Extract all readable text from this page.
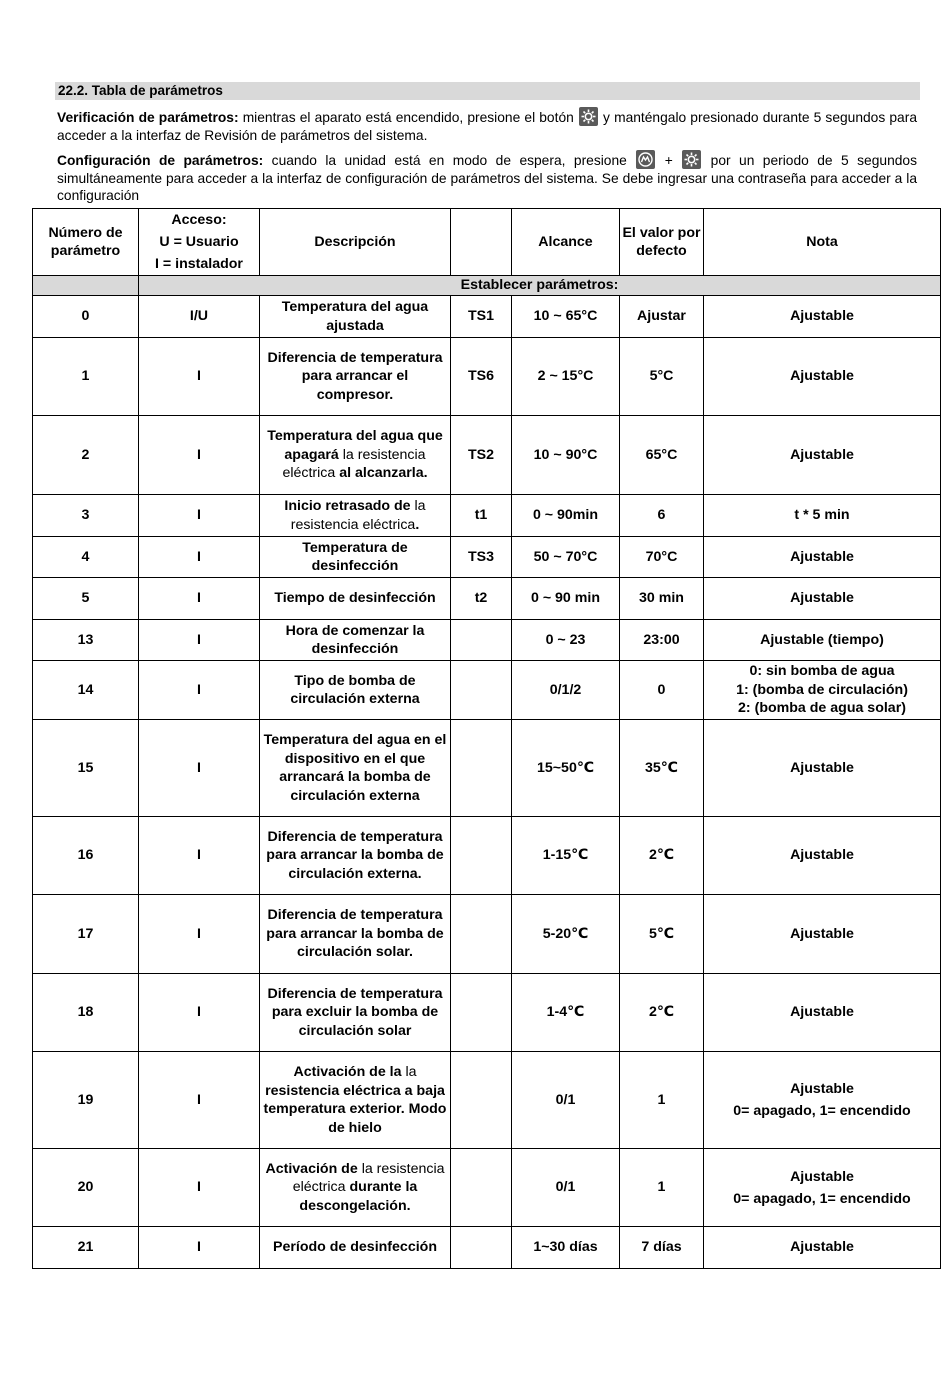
22.2. Tabla de parámetros
Verificación de parámetros: mientras el aparato está encendido, presione el botón
y manténgalo presionado durante 5 segundos para acceder a la interfaz de Revisión de parámetros del sistema.
Configuración de parámetros: cuando la unidad está en modo de espera, presione
+
por un periodo de 5 segundos simultáneamente para acceder a la interfaz de configuración de parámetros del sistema. Se debe ingresar una contraseña para acceder a la configuración
Número de parámetro	Acceso:
U = Usuario
I = instalador	Descripción		Alcance	El valor por defecto	Nota
	Establecer parámetros:					
0	I/U	Temperatura del agua ajustada	TS1	10 ~ 65°C	Ajustar	Ajustable

1	I	Diferencia de temperatura para arrancar el compresor.	TS6	2 ~ 15°C	5°C	Ajustable

2	I	Temperatura del agua que apagará la resistencia eléctrica al alcanzarla.	TS2	10 ~ 90°C	65°C	Ajustable

3	I	Inicio retrasado de la resistencia eléctrica.	t1	0 ~ 90min	6	t * 5 min

4	I	Temperatura de desinfección	TS3	50 ~ 70°C	70°C	Ajustable

5	I	Tiempo de desinfección	t2	0 ~ 90 min	30 min	Ajustable

13	I	Hora de comenzar la desinfección		0 ~ 23	23:00	Ajustable (tiempo)

14	I	Tipo de bomba de circulación externa		0/1/2	0	0: sin bomba de agua
1: (bomba de circulación)
2: (bomba de agua solar)

15	I	Temperatura del agua en el dispositivo en el que arrancará la bomba de circulación externa		15~50℃	35℃	Ajustable

16	I	Diferencia de temperatura para arrancar la bomba de circulación externa.		1-15℃	2℃	Ajustable

17	I	Diferencia de temperatura para arrancar la bomba de circulación solar.		5-20℃	5℃	Ajustable

18	I	Diferencia de temperatura para excluir la bomba de circulación solar		1-4℃	2℃	Ajustable

19	I	Activación de la la resistencia eléctrica a baja temperatura exterior. Modo de hielo		0/1	1	Ajustable
0= apagado, 1= encendido

20	I	Activación de la resistencia eléctrica durante la descongelación.		0/1	1	Ajustable
0= apagado, 1= encendido

21	I	Período de desinfección		1~30 días	7 días	Ajustable
